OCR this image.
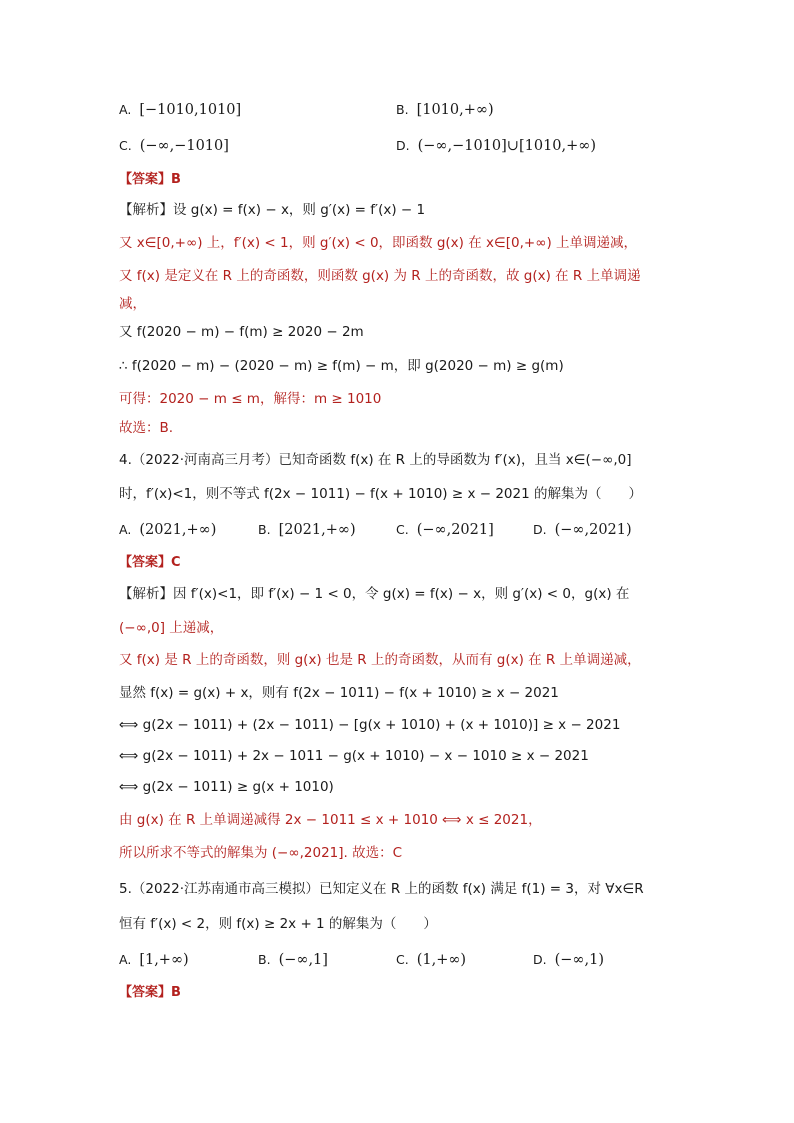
A. [−1010,1010]	B. [1010,+∞)
C. (−∞,−1010]	D. (−∞,−1010]∪[1010,+∞)
【答案】B
【解析】设 g(x) = f(x) − x，则 g′(x) = f′(x) − 1
又 x∈[0,+∞) 上，f′(x) < 1，则 g′(x) < 0，即函数 g(x) 在 x∈[0,+∞) 上单调递减，
又 f(x) 是定义在 R 上的奇函数，则函数 g(x) 为 R 上的奇函数，故 g(x) 在 R 上单调递
减，
又 f(2020 − m) − f(m) ≥ 2020 − 2m
∴ f(2020 − m) − (2020 − m) ≥ f(m) − m，即 g(2020 − m) ≥ g(m)
可得：2020 − m ≤ m，解得：m ≥ 1010
故选：B.
4.（2022·河南高三月考）已知奇函数 f(x) 在 R 上的导函数为 f′(x)，且当 x∈(−∞,0]
时，f′(x)<1，则不等式 f(2x − 1011) − f(x + 1010) ≥ x − 2021 的解集为（　　）
A. (2021,+∞)	B. [2021,+∞)	C. (−∞,2021]	D. (−∞,2021)
【答案】C
【解析】因 f′(x)<1，即 f′(x) − 1 < 0，令 g(x) = f(x) − x，则 g′(x) < 0，g(x) 在
(−∞,0] 上递减，
又 f(x) 是 R 上的奇函数，则 g(x) 也是 R 上的奇函数，从而有 g(x) 在 R 上单调递减，
显然 f(x) = g(x) + x，则有 f(2x − 1011) − f(x + 1010) ≥ x − 2021
⟺ g(2x − 1011) + (2x − 1011) − [g(x + 1010) + (x + 1010)] ≥ x − 2021
⟺ g(2x − 1011) + 2x − 1011 − g(x + 1010) − x − 1010 ≥ x − 2021
⟺ g(2x − 1011) ≥ g(x + 1010)
由 g(x) 在 R 上单调递减得 2x − 1011 ≤ x + 1010 ⟺ x ≤ 2021，
所以所求不等式的解集为 (−∞,2021]. 故选：C
5.（2022·江苏南通市高三模拟）已知定义在 R 上的函数 f(x) 满足 f(1) = 3，对 ∀x∈R
恒有 f′(x) < 2，则 f(x) ≥ 2x + 1 的解集为（　　）
A. [1,+∞)	B. (−∞,1]	C. (1,+∞)	D. (−∞,1)
【答案】B
